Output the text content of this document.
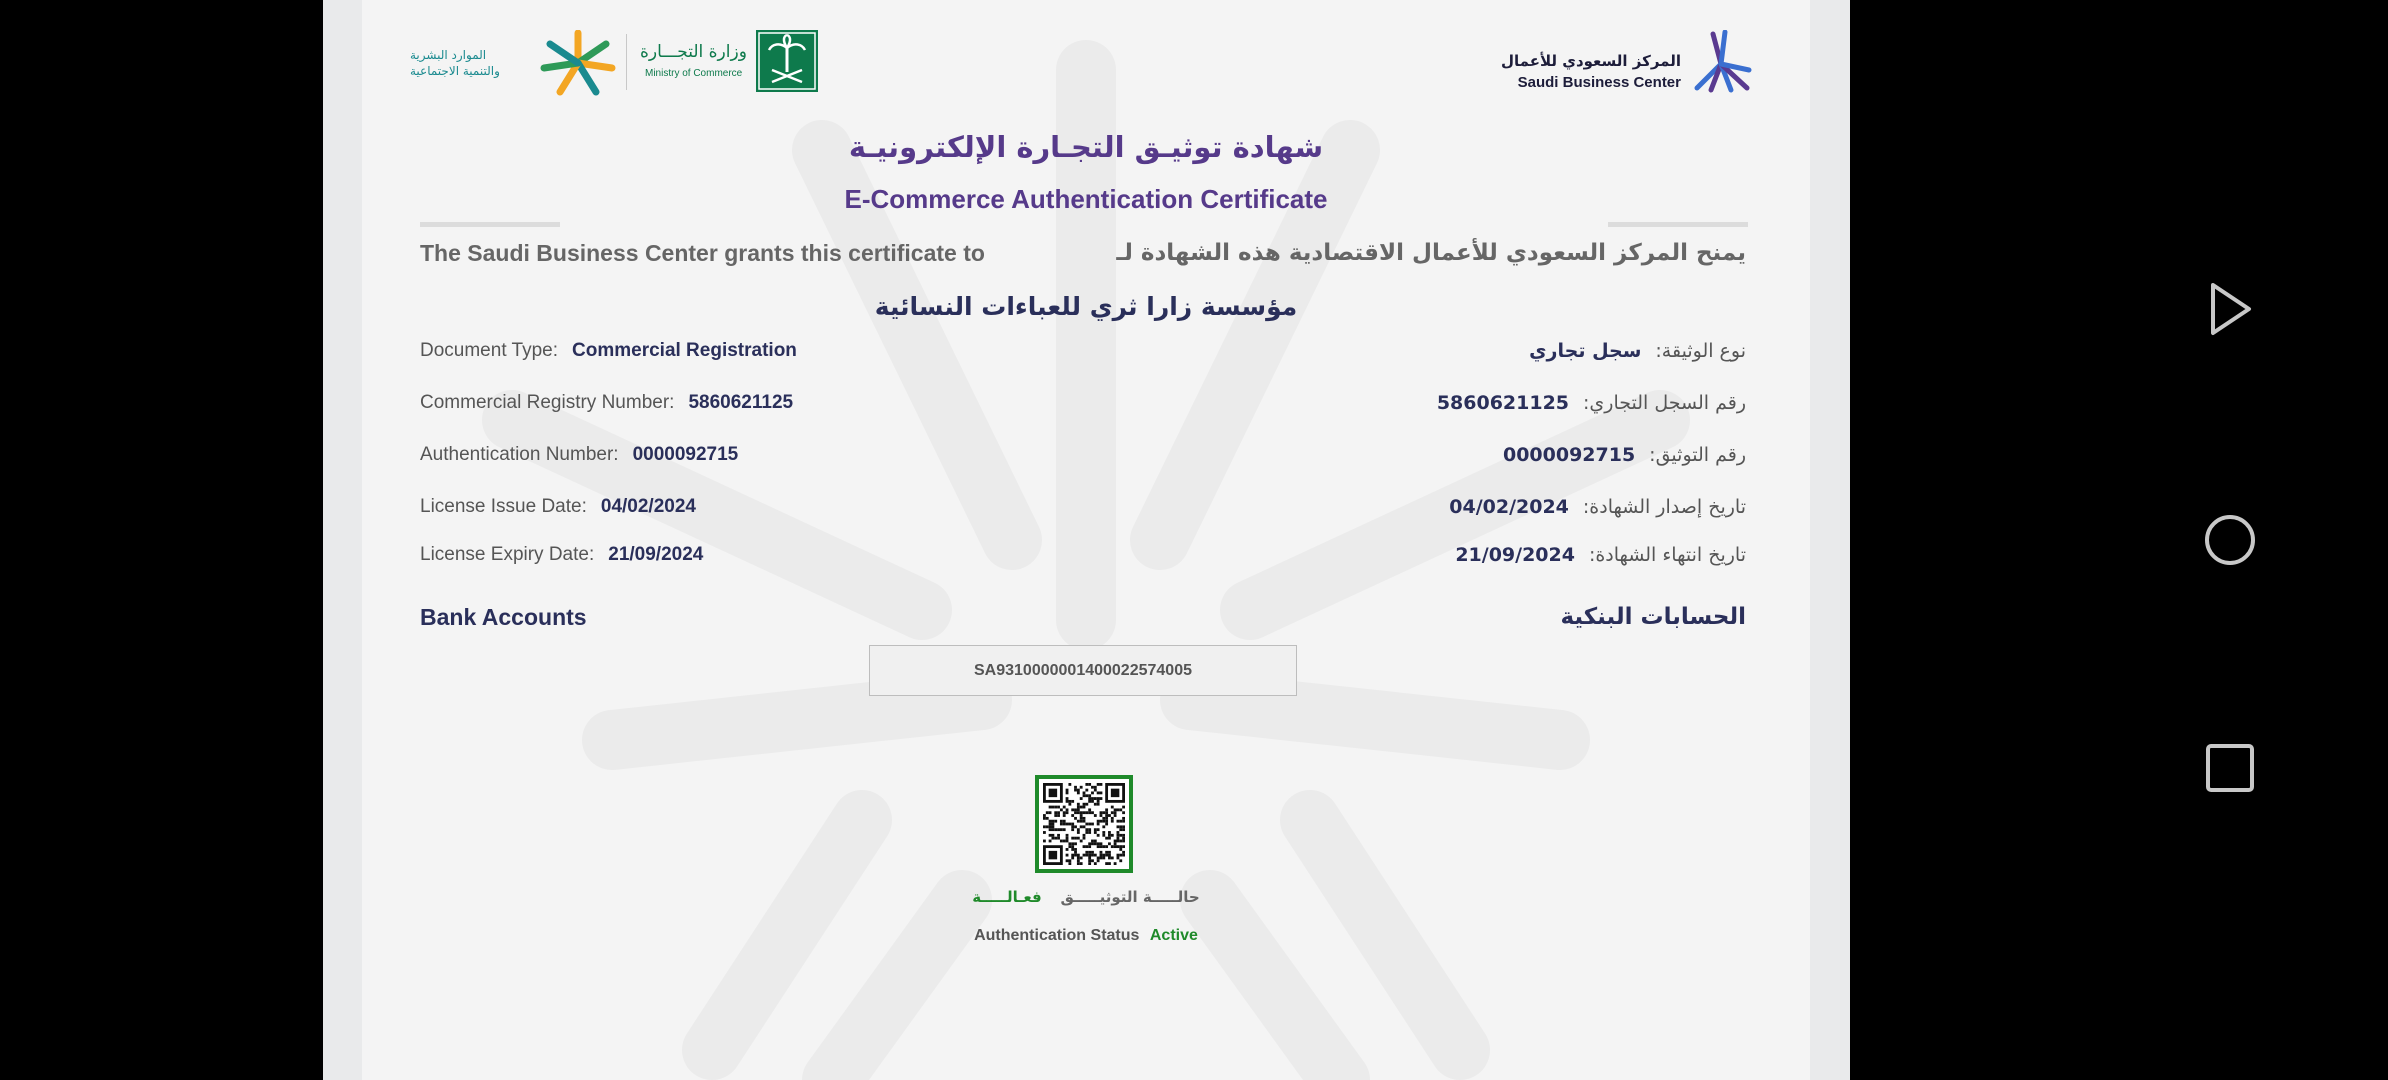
الموارد البشرية
والتنمية الاجتماعية
وزارة التجـــارة
Ministry of Commerce
المركز السعودي للأعمال
Saudi Business Center
شهادة توثيـق التجـارة الإلكترونيـة
E-Commerce Authentication Certificate
The Saudi Business Center grants this certificate to	يمنح المركز السعودي للأعمال الاقتصادية هذه الشهادة لـ
مؤسسة زارا ثري للعباءات النسائية
Document Type: Commercial Registration
Commercial Registry Number: 5860621125
Authentication Number: 0000092715
License Issue Date: 04/02/2024
License Expiry Date: 21/09/2024
نوع الوثيقة:
سجل تجاري
رقم السجل التجاري:
5860621125
رقم التوثيق:
0000092715
تاريخ إصدار الشهادة:
04/02/2024
تاريخ انتهاء الشهادة:
21/09/2024
Bank Accounts	الحسابات البنكية
SA9310000001400022574005
حالـــــة التوثيـــــق فعـالـــــة
Authentication Status Active
